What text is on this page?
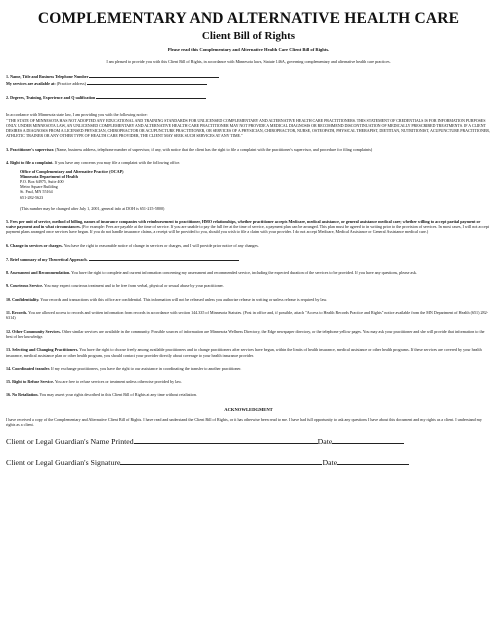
COMPLEMENTARY AND ALTERNATIVE HEALTH CARE
Client Bill of Rights
Please read this Complementary and Alternative Health Care Client Bill of Rights.
I am pleased to provide you with this Client Bill of Rights, in accordance with Minnesota laws, Statute 146A, governing complementary and alternative health care practices.
1. Name, Title and Business Telephone Number
My services are available at: (Practice address)
2. Degrees, Training, Experience and Q ualification
In accordance with Minnesota state law, I am providing you with the following notice:
" THE STATE OF MINNESOTA HAS NOT ADOPTED ANY EDUCATIONAL AND TRAINING STANDARDS FOR UNLICENSED COMPLEMENTARY AND ALTERNATIVE HEALTH CARE PRACTITIONERS. THIS STATEMENT OF CREDENTIALS IS FOR INFORMATION PURPOSES ONLY. UNDER MINNESOTA LAW, AN UNLICENSED COMPLEMENTARY AND ALTERNATIVE HEALTH CARE PRACTITIONER MAY NOT PROVIDE A MEDICAL DIAGNOSIS OR RECOMMEND DISCONTINUATION OF MEDICALLY PRESCRIBED TREATMENTS. IF A CLIENT DESIRES A DIAGNOSIS FROM A LICENSED PHYSICIAN, CHIROPRACTOR OR ACUPUNCTURE PRACTITIONER, OR SERVICES OF A PHYSICIAN, CHIROPRACTOR, NURSE, OSTEOPATH, PHYSICAL THERAPIST, DIETITIAN, NUTRITIONIST, ACUPUNCTURE PRACTITIONER, ATHLETIC TRAINER OR ANY OTHER TYPE OF HEALTH CARE PROVIDER, THE CLIENT MAY SEEK SUCH SERVICES AT ANY TIME."
3. Practitioner's supervisor. (Name, business address, telephone number of supervisor, if any, with notice that the client has the right to file a complaint with the practitioner's supervisor, and procedure for filing complaints)
4. Right to file a complaint. If you have any concerns you may file a complaint with the following office.
Office of Complementary and Alternative Practice (OCAP)
Minnesota Department of Health
P.O. Box 64975, Suite 400
Metro Square Building
St. Paul, MN 55164
651-282-5623
(This number may be changed after July 1, 2001, general info at DOH is 651-215-5800)
5. Fees per unit of service, method of billing, names of insurance companies with reimbursement to practitioner, HMO relationships, whether practitioner accepts Medicare, medical assistance, or general assistance medical care; whether willing to accept partial payment or waive payment and in what circumstances. (For example: Fees are payable at the time of service. If you are unable to pay the full fee at the time of service, a payment plan can be arranged. This plan must be agreed to in writing prior to the provision of services. In most cases, I will not accept payment plans arranged once services have begun. If you do not handle insurance claims, a receipt will be provided to you, should you wish to file a claim with your provider. I do not accept Medicare, Medical Assistance or General Assistance medical care.)
6. Change in services or charges. You have the right to reasonable notice of change in services or charges, and I will provide prior notice of any changes.
7. Brief summary of my Theoretical Approach.
8. Assessment and Recommendation. You have the right to complete and current information concerning my assessment and recommended service, including the expected duration of the services to be provided. If you have any questions, please ask.
9. Courteous Service. You may expect courteous treatment and to be free from verbal, physical or sexual abuse by your practitioner.
10. Confidentiality. Your records and transactions with this office are confidential. This information will not be released unless you authorize release in writing or unless release is required by law.
11. Records. You are allowed access to records and written information from records in accordance with section 144.335 of Minnesota Statutes. (Post in office and, if possible, attach "Access to Health Records Practice and Rights" notice available from the MN Department of Health (651) 282-6314)
12. Other Community Services. Other similar services are available in the community. Possible sources of information are Minnesota Wellness Directory, the Edge newspaper directory, or the telephone yellow pages. You may ask your practitioner and she will provide that information to the best of her knowledge.
13. Selecting and Changing Practitioners. You have the right to choose freely among available practitioners and to change practitioners after services have begun, within the limits of health insurance, medical assistance or other health programs. If these services are covered by your health insurance, medical assistance plan or other health program, you should contact your provider directly about coverage to your health insurance provider.
14. Coordinated transfer. If my exchange practitioners, you have the right to our assistance in coordinating the transfer to another practitioner.
15. Right to Refuse Service. You are free to refuse services or treatment unless otherwise provided by law.
16. No Retaliation. You may assert your rights described in this Client Bill of Rights at any time without retaliation.
ACKNOWLEDGMENT
I have received a copy of the Complementary and Alternative Client Bill of Rights. I have read and understand the Client Bill of Rights, or it has otherwise been read to me. I have had full opportunity to ask any questions I have about this document and my rights as a client. I understand my rights as a client.
Client or Legal Guardian's Name Printed	Date
Client or Legal Guardian's Signature	Date
